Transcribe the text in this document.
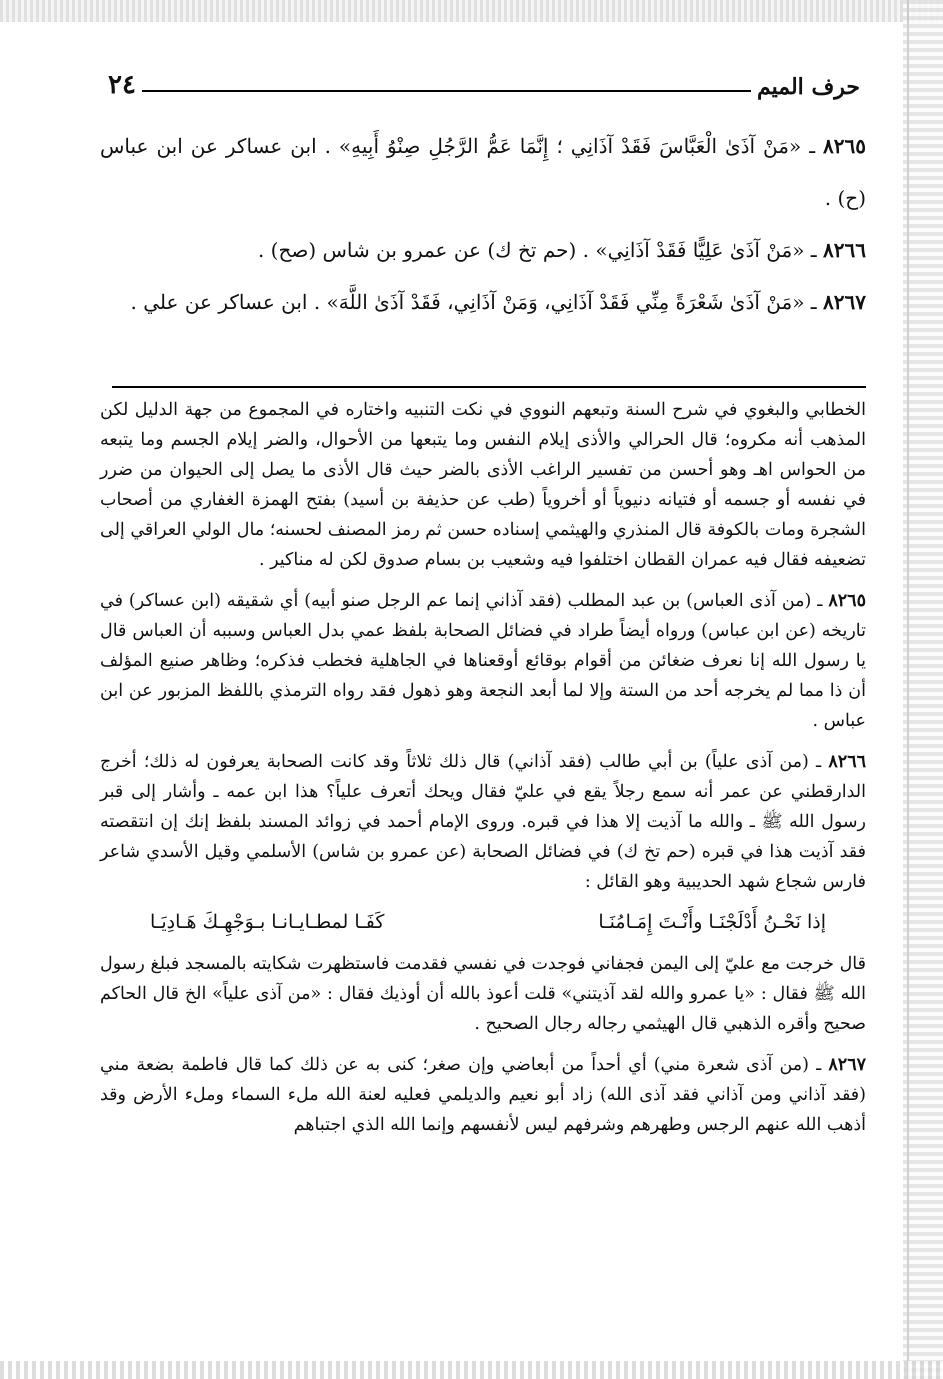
حرف الميم
٢٤

٨٢٦٥ ـ «مَنْ آذَىٰ الْعَبَّاسَ فَقَدْ آذَانِي ؛ إِنَّمَا عَمُّ الرَّجُلِ صِنْوُ أَبِيهِ» . ابن عساكر عن ابن عباس (ح) .

٨٢٦٦ ـ «مَنْ آذَىٰ عَلِيًّا فَقَدْ آذَانِي» . (حم تخ ك) عن عمرو بن شاس (صح) .

٨٢٦٧ ـ «مَنْ آذَىٰ شَعْرَةً مِنِّي فَقَدْ آذَانِي، وَمَنْ آذَانِي، فَقَدْ آذَىٰ اللَّهَ» . ابن عساكر عن علي .

الخطابي والبغوي في شرح السنة وتبعهم النووي في نكت التنبيه واختاره في المجموع من جهة الدليل لكن المذهب أنه مكروه؛ قال الحرالي والأذى إيلام النفس وما يتبعها من الأحوال، والضر إيلام الجسم وما يتبعه من الحواس اهـ وهو أحسن من تفسير الراغب الأذى بالضر حيث قال الأذى ما يصل إلى الحيوان من ضرر في نفسه أو جسمه أو فتيانه دنيوياً أو أخروياً (طب عن حذيفة بن أسيد) بفتح الهمزة الغفاري من أصحاب الشجرة ومات بالكوفة قال المنذري والهيثمي إسناده حسن ثم رمز المصنف لحسنه؛ مال الولي العراقي إلى تضعيفه فقال فيه عمران القطان اختلفوا فيه وشعيب بن بسام صدوق لكن له مناكير .

٨٢٦٥ ـ (من آذى العباس) بن عبد المطلب (فقد آذاني إنما عم الرجل صنو أبيه) أي شقيقه (ابن عساكر) في تاريخه (عن ابن عباس) ورواه أيضاً طراد في فضائل الصحابة بلفظ عمي بدل العباس وسببه أن العباس قال يا رسول الله إنا نعرف ضغائن من أقوام بوقائع أوقعناها في الجاهلية فخطب فذكره؛ وظاهر صنيع المؤلف أن ذا مما لم يخرجه أحد من الستة وإلا لما أبعد النجعة وهو ذهول فقد رواه الترمذي باللفظ المزبور عن ابن عباس .

٨٢٦٦ ـ (من آذى علياً) بن أبي طالب (فقد آذاني) قال ذلك ثلاثاً وقد كانت الصحابة يعرفون له ذلك؛ أخرج الدارقطني عن عمر أنه سمع رجلاً يقع في عليّ فقال ويحك أتعرف علياً؟ هذا ابن عمه ـ وأشار إلى قبر رسول الله ﷺ ـ والله ما آذيت إلا هذا في قبره. وروى الإمام أحمد في زوائد المسند بلفظ إنك إن انتقصته فقد آذيت هذا في قبره (حم تخ ك) في فضائل الصحابة (عن عمرو بن شاس) الأسلمي وقيل الأسدي شاعر فارس شجاع شهد الحديبية وهو القائل :

إذا نَحْـنُ أَدْلَجْنَـا وأَنْـتَ إِمَـامُنَـا
كَفَـا لمطـايـانـا بـوَجْهِـكَ هَـادِيَـا

قال خرجت مع عليّ إلى اليمن فجفاني فوجدت في نفسي فقدمت فاستظهرت شكايته بالمسجد فبلغ رسول الله ﷺ فقال : «يا عمرو والله لقد آذيتني» قلت أعوذ بالله أن أوذيك فقال : «من آذى علياً» الخ قال الحاكم صحيح وأقره الذهبي قال الهيثمي رجاله رجال الصحيح .

٨٢٦٧ ـ (من آذى شعرة مني) أي أحداً من أبعاضي وإن صغر؛ كنى به عن ذلك كما قال فاطمة بضعة مني (فقد آذاني ومن آذاني فقد آذى الله) زاد أبو نعيم والديلمي فعليه لعنة الله ملء السماء وملء الأرض وقد أذهب الله عنهم الرجس وطهرهم وشرفهم ليس لأنفسهم وإنما الله الذي اجتباهم
